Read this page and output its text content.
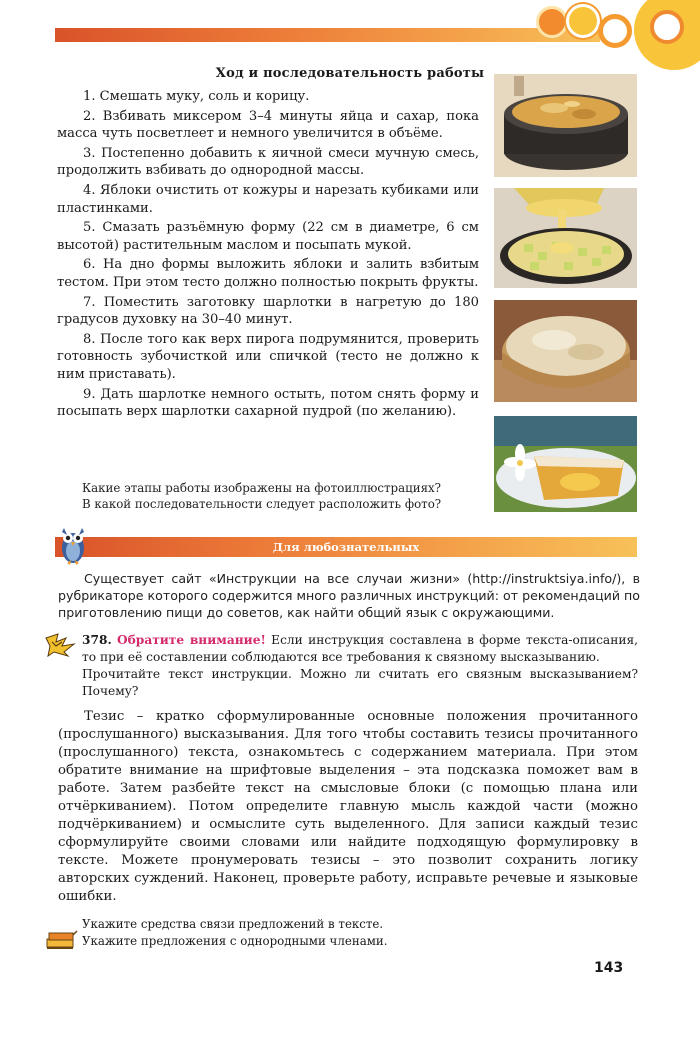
Ход и последовательность работы

1. Смешать муку, соль и корицу.

2. Взбивать миксером 3–4 минуты яйца и сахар, пока масса чуть посветлеет и немного увеличится в объёме.

3. Постепенно добавить к яичной смеси мучную смесь, продолжить взбивать до однородной массы.

4. Яблоки очистить от кожуры и нарезать кубиками или пластинками.

5. Смазать разъёмную форму (22 см в диаметре, 6 см высотой) растительным маслом и посыпать мукой.

6. На дно формы выложить яблоки и залить взбитым тестом. При этом тесто должно полностью покрыть фрукты.

7. Поместить заготовку шарлотки в нагретую до 180 градусов духовку на 30–40 минут.

8. После того как верх пирога подрумянится, проверить готовность зубочисткой или спичкой (тесто не должно к ним приставать).

9. Дать шарлотке немного остыть, потом снять форму и посыпать верх шарлотки сахарной пудрой (по желанию).

Какие этапы работы изображены на фотоиллюстрациях?

В какой последовательности следует расположить фото?

Для любознательных

Существует сайт «Инструкции на все случаи жизни» (http://instruktsiya.info/), в рубрикаторе которого содержится много различных инструкций: от рекомендаций по приготовлению пищи до советов, как найти общий язык с окружающими.

378. Обратите внимание! Если инструкция составлена в форме текста-описания, то при её составлении соблюдаются все требования к связному высказыванию.

Прочитайте текст инструкции. Можно ли считать его связным высказыванием? Почему?

Тезис – кратко сформулированные основные положения прочитанного (прослушанного) высказывания. Для того чтобы составить тезисы прочитанного (прослушанного) текста, ознакомьтесь с содержанием материала. При этом обратите внимание на шрифтовые выделения – эта подсказка поможет вам в работе. Затем разбейте текст на смысловые блоки (с помощью плана или отчёркиванием). Потом определите главную мысль каждой части (можно подчёркиванием) и осмыслите суть выделенного. Для записи каждый тезис сформулируйте своими словами или найдите подходящую формулировку в тексте. Можете пронумеровать тезисы – это позволит сохранить логику авторских суждений. Наконец, проверьте работу, исправьте речевые и языковые ошибки.

Укажите средства связи предложений в тексте.

Укажите предложения с однородными членами.

143
